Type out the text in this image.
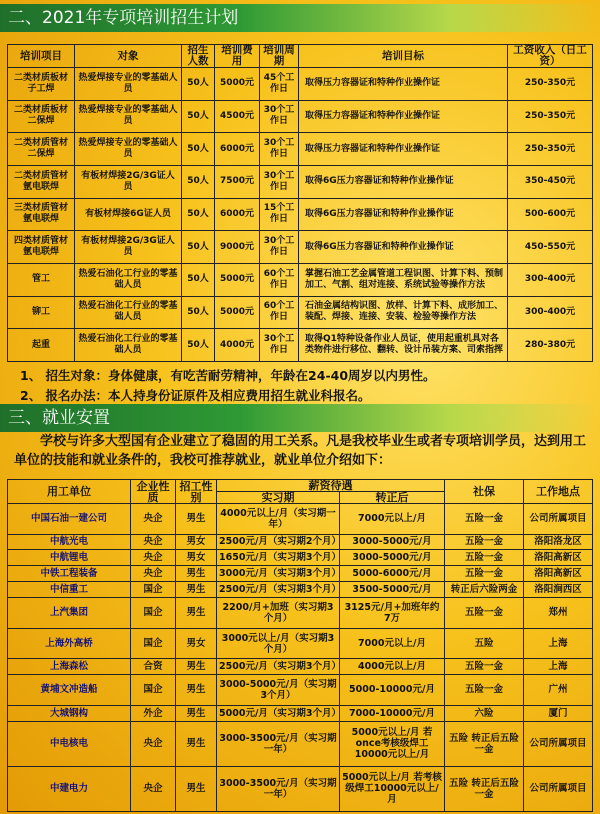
二、2021年专项培训招生计划
培训项目	对象	招生人数	培训费用	培训周期	培训目标	工资收入（日工资）
二类材质板材子工焊	热爱焊接专业的零基础人员	50人	5000元	45个工作日	取得压力容器证和特种作业操作证	250-350元
二类材质板材二保焊	热爱焊接专业的零基础人员	50人	4500元	30个工作日	取得压力容器证和特种作业操作证	250-350元
二类材质管材二保焊	热爱焊接专业的零基础人员	50人	6000元	30个工作日	取得压力容器证和特种作业操作证	250-350元
二类材质管材氩电联焊	有板材焊接2G/3G证人员	50人	7500元	30个工作日	取得6G压力容器证和特种作业操作证	350-450元
三类材质管材氩电联焊	有板材焊接6G证人员	50人	6000元	15个工作日	取得6G压力容器证和特种作业操作证	500-600元
四类材质管材氩电联焊	有板材焊接2G/3G证人员	50人	9000元	30个工作日	取得6G压力容器证和特种作业操作证	450-550元
管工	热爱石油化工行业的零基础人员	50人	5000元	60个工作日	掌握石油工艺金属管道工程识图、计算下料、预制加工、气割、组对连接、系统试验等操作方法	300-400元
铆工	热爱石油化工行业的零基础人员	50人	5000元	60个工作日	石油金属结构识图、放样、计算下料、成形加工、装配、焊接、连接、安装、检验等操作方法	300-400元
起重	热爱石油化工行业的零基础人员	50人	4000元	30个工作日	取得Q1特种设备作业人员证，使用起重机具对各类物件进行移位、翻转、设计吊装方案、司索指挥	280-380元
1、 招生对象：身体健康，有吃苦耐劳精神，年龄在24-40周岁以内男性。
2、 报名办法：本人持身份证原件及相应费用招生就业科报名。
三、就业安置
学校与许多大型国有企业建立了稳固的用工关系。凡是我校毕业生或者专项培训学员，达到用工单位的技能和就业条件的，我校可推荐就业，就业单位介绍如下：
用工单位	企业性质	招工性别	薪资待遇		社保	工作地点
			实习期	转正后		
中国石油一建公司	央企	男生	4000元以上/月（实习期一年）	7000元以上/月	五险一金	公司所属项目
中航光电	央企	男女	2500元/月（实习期2个月）	3000-5000元/月	五险一金	洛阳洛龙区
中航锂电	央企	男女	1650元/月（实习期3个月）	3000-5000元/月	五险一金	洛阳高新区
中铁工程装备	央企	男生	3000元/月（实习期3个月）	5000-6000元/月	五险一金	洛阳高新区
中信重工	国企	男生	2500元/月（实习期3个月）	3500-5000元/月	转正后六险两金	洛阳涧西区
上汽集团	国企	男生	2200/月+加班（实习期3个月）	3125元/月+加班年约7万	五险一金	郑州
上海外高桥	国企	男女	3000元以上/月（实习期3个月）	7000元以上/月	五险	上海
上海森松	合资	男生	2500元/月（实习期3个月）	4000元以上/月	五险一金	上海
黄埔文冲造船	国企	男生	3000-5000元/月（实习期3个月）	5000-10000元/月	五险一金	广州
大城钢构	外企	男生	5000元/月（实习期3个月）	7000-10000元/月	六险	厦门
中电核电	央企	男生	3000-3500元/月（实习期一年）	5000元以上/月 若once考核级焊工10000元以上/月	五险 转正后五险一金	公司所属项目
中建电力	央企	男生	3000-3500元/月（实习期一年）	5000元以上/月 若考核级焊工10000元以上/月	五险 转正后五险一金	公司所属项目
